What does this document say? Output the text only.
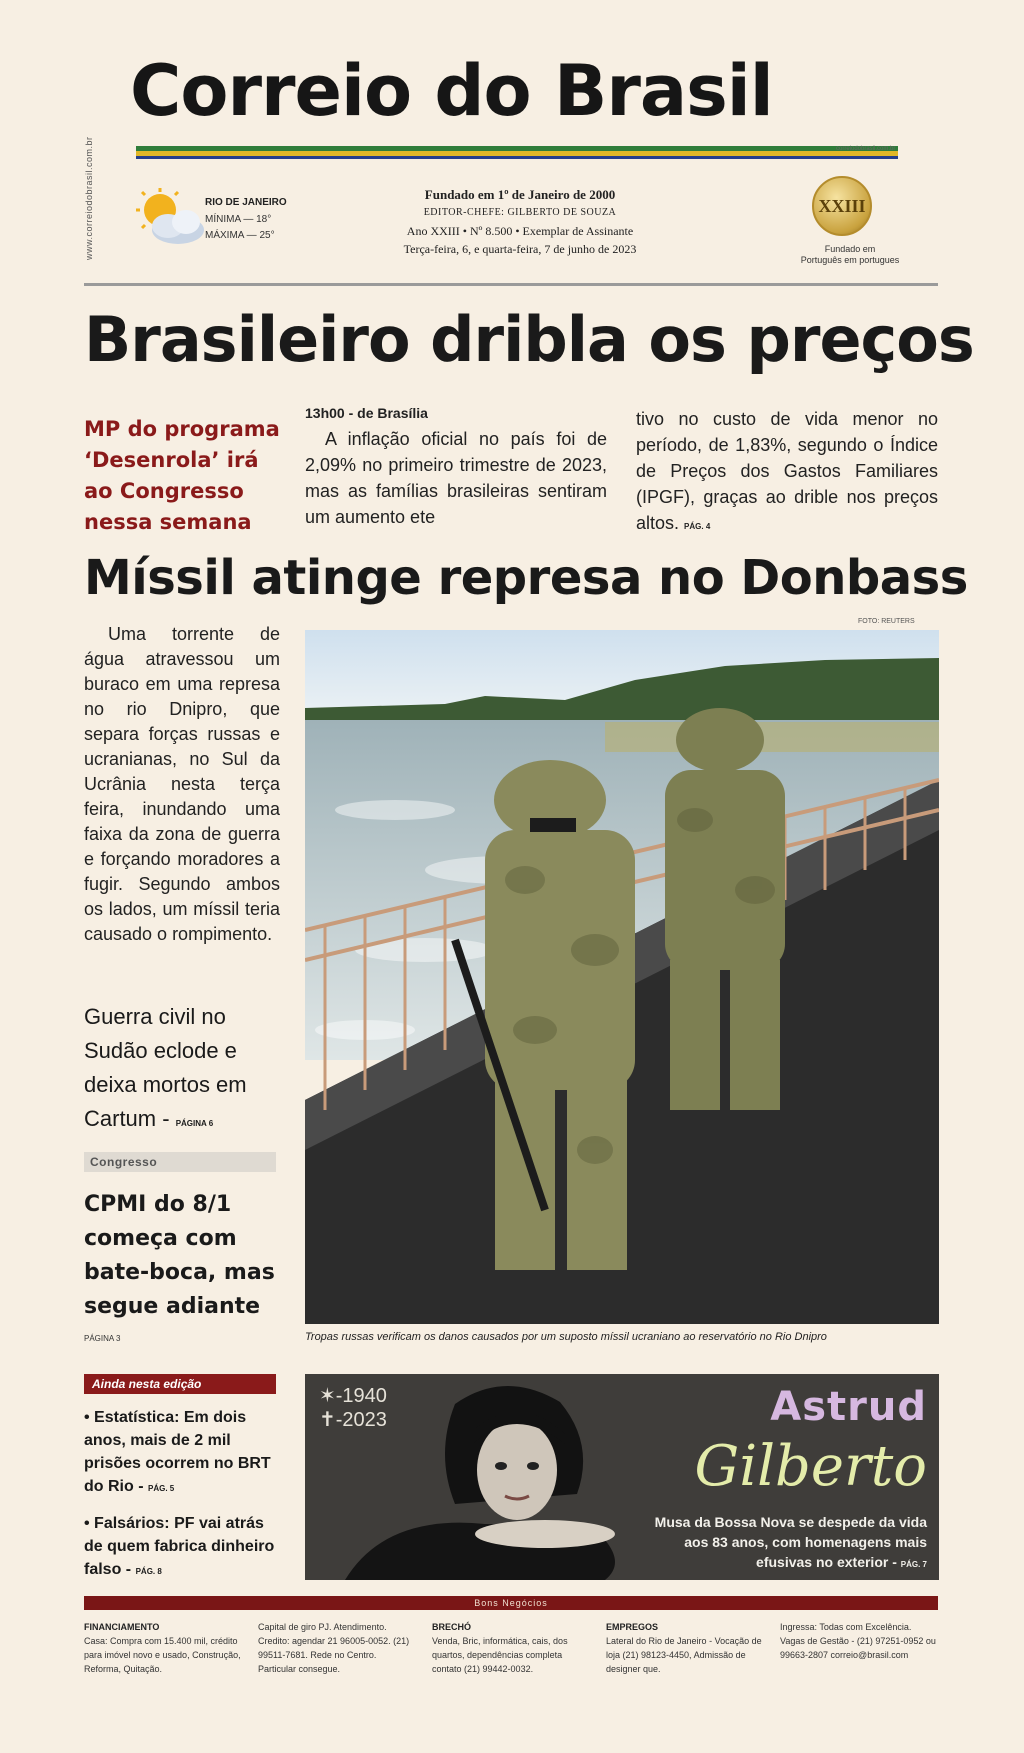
www.correiodobrasil.com.br
Correio do Brasil
correiodobrasil.com.br
RIO DE JANEIRO
MÍNIMA — 18°
MÁXIMA — 25°
Fundado em 1º de Janeiro de 2000
EDITOR-CHEFE: GILBERTO DE SOUZA
Ano XXIII • Nº 8.500 • Exemplar de Assinante
Terça-feira, 6, e quarta-feira, 7 de junho de 2023
XXIII
Fundado em
Português em portugues
Brasileiro dribla os preços
MP do programa ‘Desenrola’ irá ao Congresso nessa semana
13h00 - de Brasília
A inflação oficial no país foi de 2,09% no primeiro trimestre de 2023, mas as famílias brasileiras sentiram um aumento ete
tivo no custo de vida menor no período, de 1,83%, segundo o Índice de Preços dos Gastos Familiares (IPGF), graças ao drible nos preços altos. PÁG. 4
Míssil atinge represa no Donbass
FOTO: REUTERS
Uma torrente de água atravessou um buraco em uma represa no rio Dnipro, que separa forças russas e ucranianas, no Sul da Ucrânia nesta terça feira, inundando uma faixa da zona de guerra e forçando moradores a fugir. Segundo ambos os lados, um míssil teria causado o rompimento.
Guerra civil no Sudão eclode e deixa mortos em Cartum - PÁGINA 6
Congresso
CPMI do 8/1 começa com bate-boca, mas segue adiante
PÁGINA 3	Tropas russas verificam os danos causados por um suposto míssil ucraniano ao reservatório no Rio Dnipro
Ainda nesta edição
• Estatística: Em dois anos, mais de 2 mil prisões ocorrem no BRT do Rio - PÁG. 5
• Falsários: PF vai atrás de quem fabrica dinheiro falso - PÁG. 8
✶-1940
✝-2023	Astrud
Gilberto
Musa da Bossa Nova se despede da vida aos 83 anos, com homenagens mais efusivas no exterior - PÁG. 7
Bons Negócios
FINANCIAMENTO
Casa: Compra com 15.400 mil, crédito para imóvel novo e usado, Construção, Reforma, Quitação.
Capital de giro PJ. Atendimento. Credito: agendar 21 96005-0052. (21) 99511-7681. Rede no Centro. Particular consegue.
BRECHÓ
Venda, Bric, informática, cais, dos quartos, dependências completa contato (21) 99442-0032.
EMPREGOS
Lateral do Rio de Janeiro - Vocação de loja (21) 98123-4450, Admissão de designer que.
Ingressa: Todas com Excelência. Vagas de Gestão - (21) 97251-0952 ou 99663-2807 correio@brasil.com
